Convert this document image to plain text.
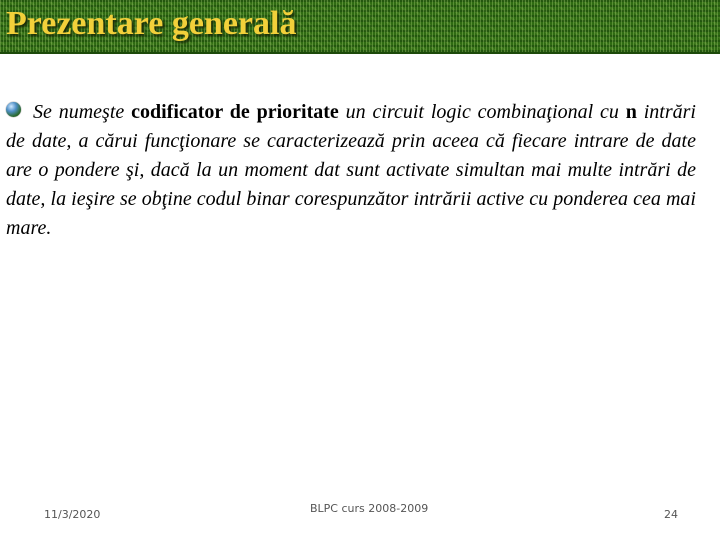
Prezentare generală
Se numeşte codificator de prioritate un circuit logic combinaţional cu n intrări de date, a cărui funcţionare se caracterizează prin aceea că fiecare intrare de date are o pondere şi, dacă la un moment dat sunt activate simultan mai multe intrări de date, la ieşire se obţine codul binar corespunzător intrării active cu ponderea cea mai mare.
11/3/2020	BLPC curs 2008-2009	24
